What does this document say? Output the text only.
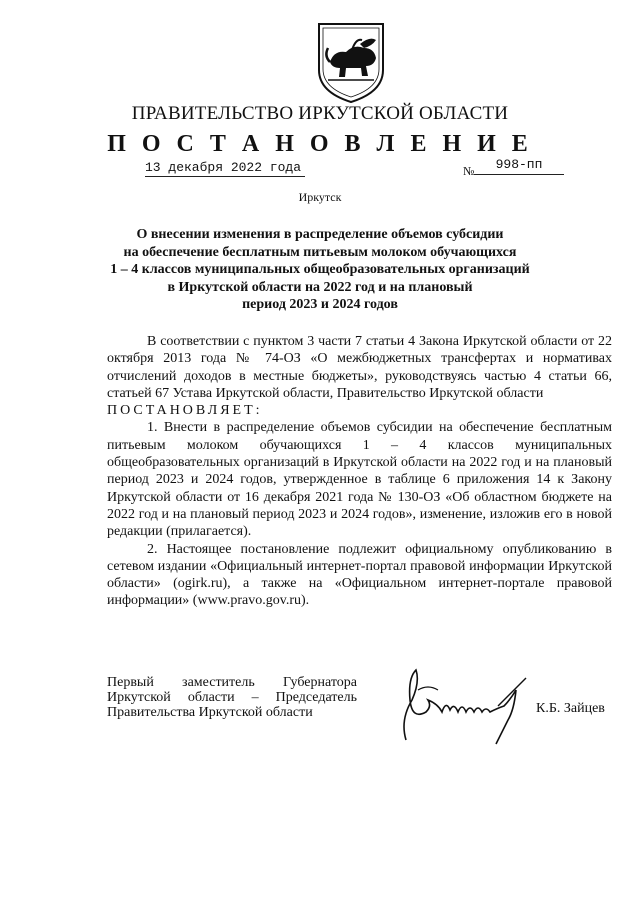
ПРАВИТЕЛЬСТВО ИРКУТСКОЙ ОБЛАСТИ
П О С Т А Н О В Л Е Н И Е
13 декабря 2022 года	№	998-пп
Иркутск
О внесении изменения в распределение объемов субсидии
на обеспечение бесплатным питьевым молоком обучающихся
1 – 4 классов муниципальных общеобразовательных организаций
в Иркутской области на 2022 год и на плановый
период 2023 и 2024 годов

В соответствии с пунктом 3 части 7 статьи 4 Закона Иркутской области от 22 октября 2013 года № 74-ОЗ «О межбюджетных трансфертах и нормативах отчислений доходов в местные бюджеты», руководствуясь частью 4 статьи 66, статьей 67 Устава Иркутской области, Правительство Иркутской области

ПОСТАНОВЛЯЕТ:

1. Внести в распределение объемов субсидии на обеспечение бесплатным питьевым молоком обучающихся 1 – 4 классов муниципальных общеобразовательных организаций в Иркутской области на 2022 год и на плановый период 2023 и 2024 годов, утвержденное в таблице 6 приложения 14 к Закону Иркутской области от 16 декабря 2021 года № 130-ОЗ «Об областном бюджете на 2022 год и на плановый период 2023 и 2024 годов», изменение, изложив его в новой редакции (прилагается).

2. Настоящее постановление подлежит официальному опубликованию в сетевом издании «Официальный интернет-портал правовой информации Иркутской области» (ogirk.ru), а также на «Официальном интернет-портале правовой информации» (www.pravo.gov.ru).

Первый заместитель Губернатора
Иркутской области – Председатель
Правительства Иркутской области	К.Б. Зайцев
